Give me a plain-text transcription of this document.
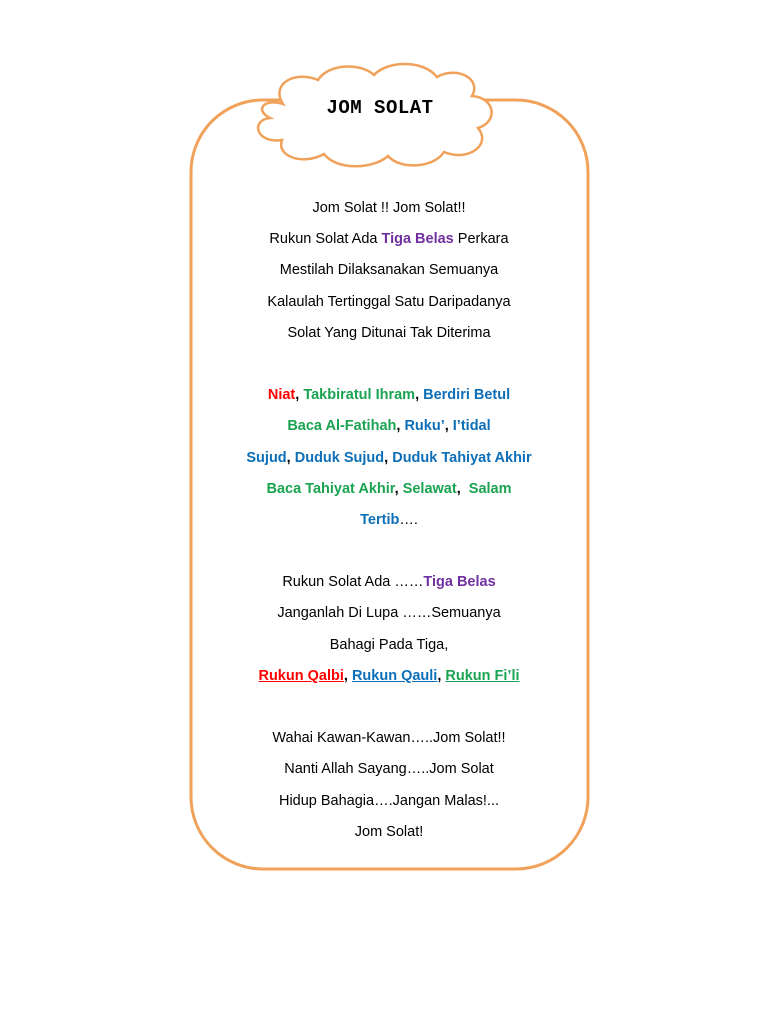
JOM SOLAT
Jom Solat !! Jom Solat!!
Rukun Solat Ada Tiga Belas Perkara
Mestilah Dilaksanakan Semuanya
Kalaulah Tertinggal Satu Daripadanya
Solat Yang Ditunai Tak Diterima
Niat, Takbiratul Ihram, Berdiri Betul
Baca Al-Fatihah, Ruku’, I’tidal
Sujud, Duduk Sujud, Duduk Tahiyat Akhir
Baca Tahiyat Akhir, Selawat,  Salam
Tertib….
Rukun Solat Ada ……Tiga Belas
Janganlah Di Lupa ……Semuanya
Bahagi Pada Tiga,
Rukun Qalbi, Rukun Qauli, Rukun Fi’li
Wahai Kawan-Kawan…..Jom Solat!!
Nanti Allah Sayang…..Jom Solat
Hidup Bahagia….Jangan Malas!...
Jom Solat!
